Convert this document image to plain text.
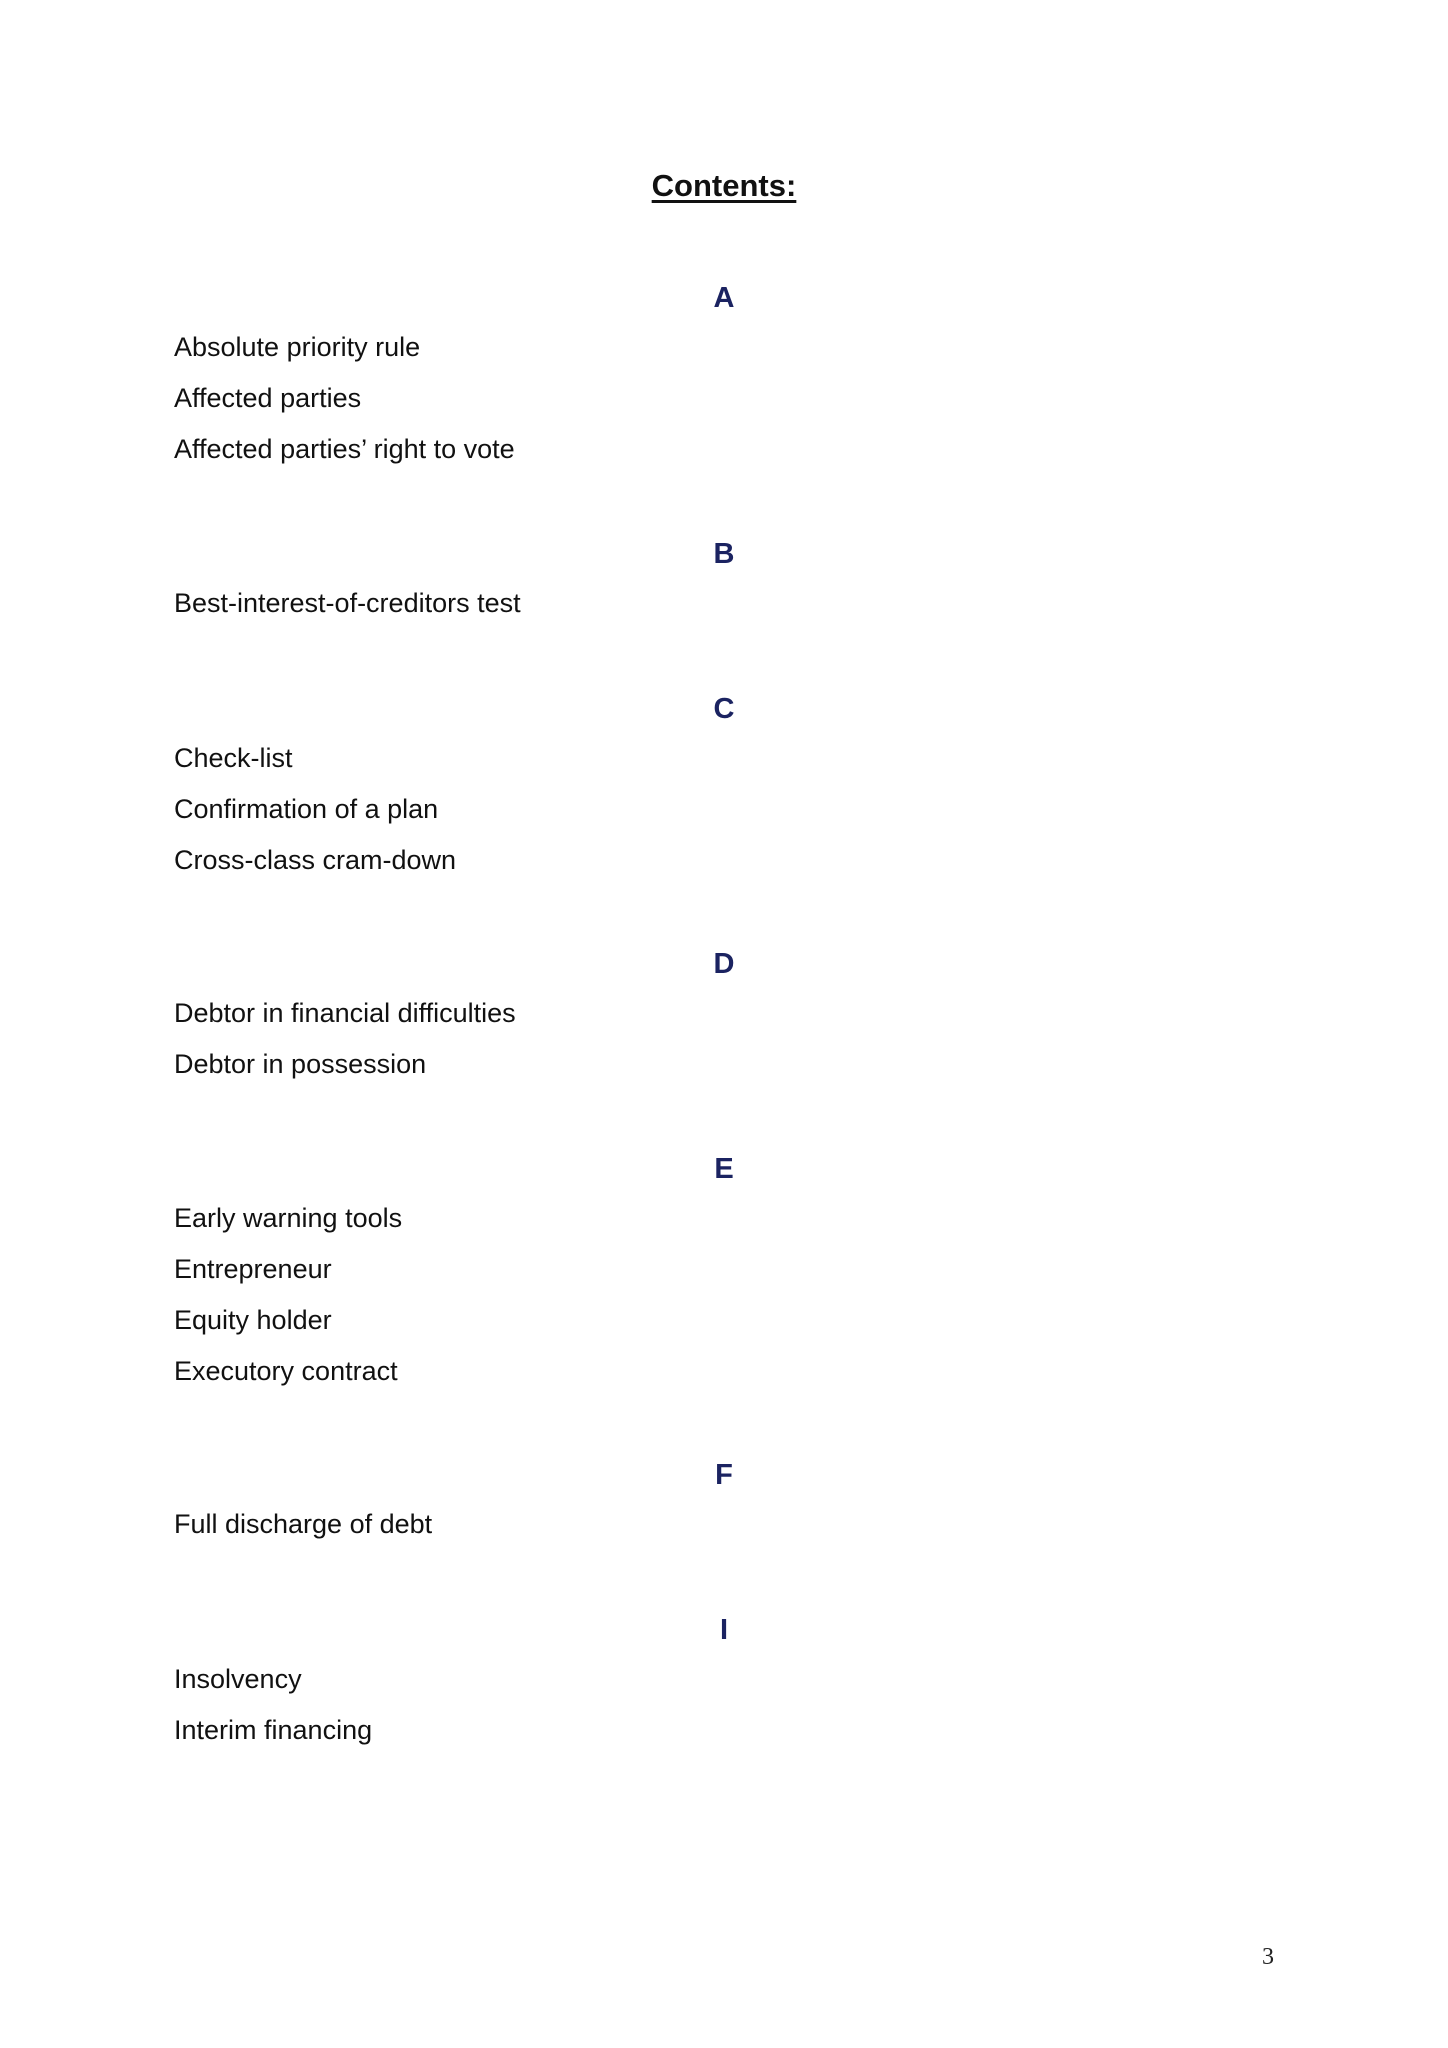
Contents:
A
Absolute priority rule
Affected parties
Affected parties’ right to vote
B
Best-interest-of-creditors test
C
Check-list
Confirmation of a plan
Cross-class cram-down
D
Debtor in financial difficulties
Debtor in possession
E
Early warning tools
Entrepreneur
Equity holder
Executory contract
F
Full discharge of debt
I
Insolvency
Interim financing
3
